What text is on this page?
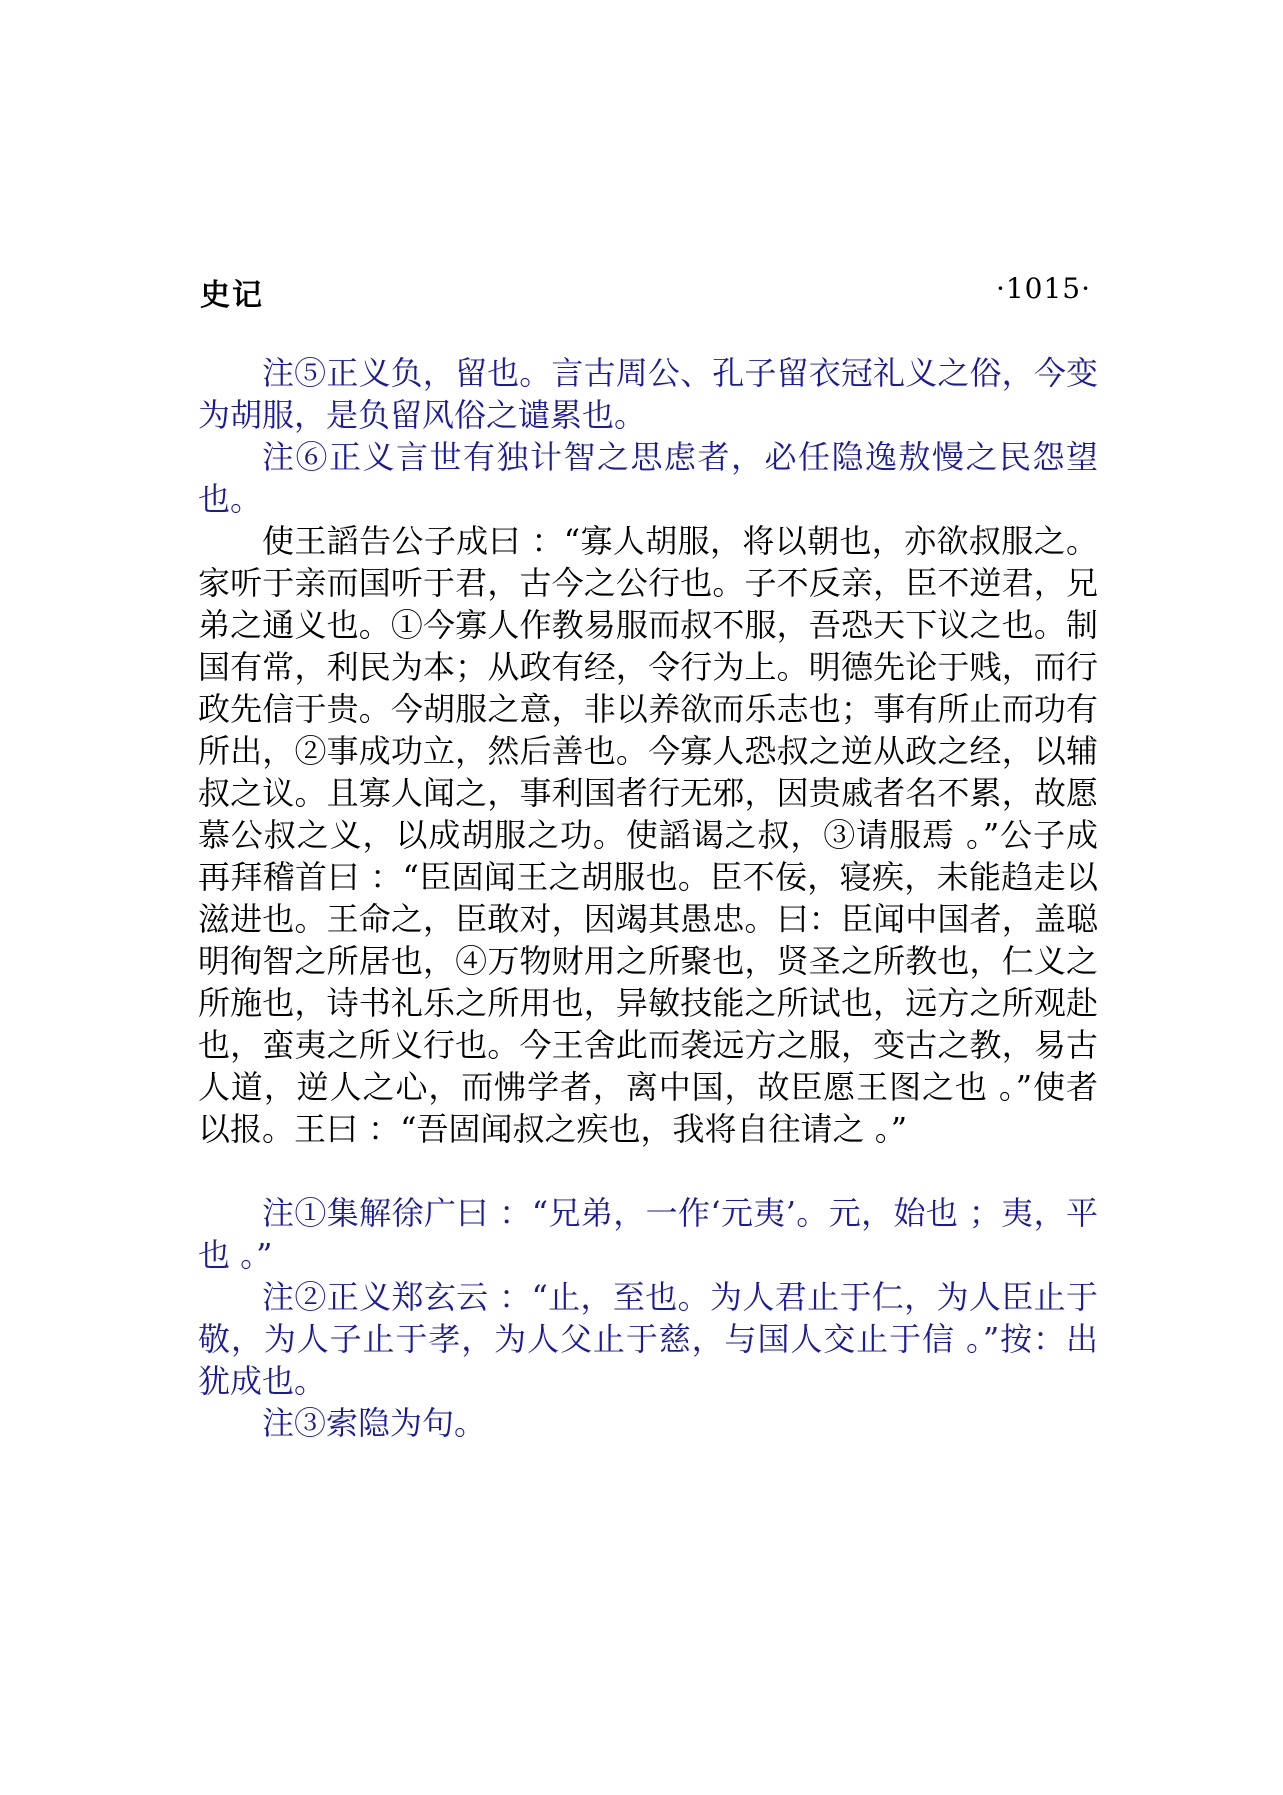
史记	·1015·

注⑤正义负，留也。言古周公、孔子留衣冠礼义之俗，今变为胡服，是负留风俗之谴累也。

注⑥正义言世有独计智之思虑者，必任隐逸敖慢之民怨望也。

使王謟告公子成曰 ：“寡人胡服，将以朝也，亦欲叔服之。家听于亲而国听于君，古今之公行也。子不反亲，臣不逆君，兄弟之通义也。①今寡人作教易服而叔不服，吾恐天下议之也。制国有常，利民为本；从政有经，令行为上。明德先论于贱，而行政先信于贵。今胡服之意，非以养欲而乐志也；事有所止而功有所出，②事成功立，然后善也。今寡人恐叔之逆从政之经，以辅叔之议。且寡人闻之，事利国者行无邪，因贵戚者名不累，故愿慕公叔之义，以成胡服之功。使謟谒之叔，③请服焉 。”公子成再拜稽首曰 ：“臣固闻王之胡服也。臣不佞，寝疾，未能趋走以滋进也。王命之，臣敢对，因竭其愚忠。曰：臣闻中国者，盖聪明徇智之所居也，④万物财用之所聚也，贤圣之所教也，仁义之所施也，诗书礼乐之所用也，异敏技能之所试也，远方之所观赴也，蛮夷之所义行也。今王舍此而袭远方之服，变古之教，易古人道，逆人之心，而怫学者，离中国，故臣愿王图之也 。”使者以报。王曰 ：“吾固闻叔之疾也，我将自往请之 。”

注①集解徐广曰 ：“兄弟，一作‘元夷’。元，始也 ；夷，平也 。”

注②正义郑玄云 ：“止，至也。为人君止于仁，为人臣止于敬，为人子止于孝，为人父止于慈，与国人交止于信 。”按：出犹成也。

注③索隐为句。
